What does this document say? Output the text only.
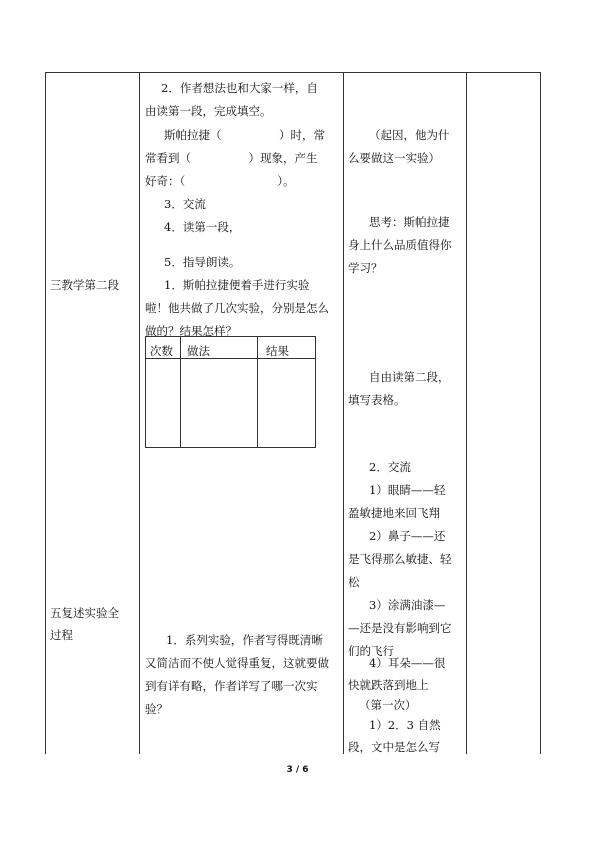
三教学第二段
五复述实验全
过程
2．作者想法也和大家一样，自
由读第一段，完成填空。
斯帕拉捷（　　　　　）时，常
常看到（　　　　　）现象，产生
好奇：（　　　　　　　　）。
3．交流
4．读第一段，
5．指导朗读。
1．斯帕拉捷便着手进行实验
啦！他共做了几次实验，分别是怎么
做的？结果怎样？
次数 做法	结果
1．系列实验，作者写得既清晰
又简洁而不使人觉得重复，这就要做
到有详有略，作者详写了哪一次实
验？
（起因，他为什
么要做这一实验）
思考：斯帕拉捷
身上什么品质值得你
学习？
自由读第二段，
填写表格。
2．交流
1）眼睛——轻
盈敏捷地来回飞翔
2）鼻子——还
是飞得那么敏捷、轻
松
3）涂满油漆—
—还是没有影响到它
们的飞行
4）耳朵——很
快就跌落到地上
（第一次）
1）2．3 自然
段，文中是怎么写
3 / 6
